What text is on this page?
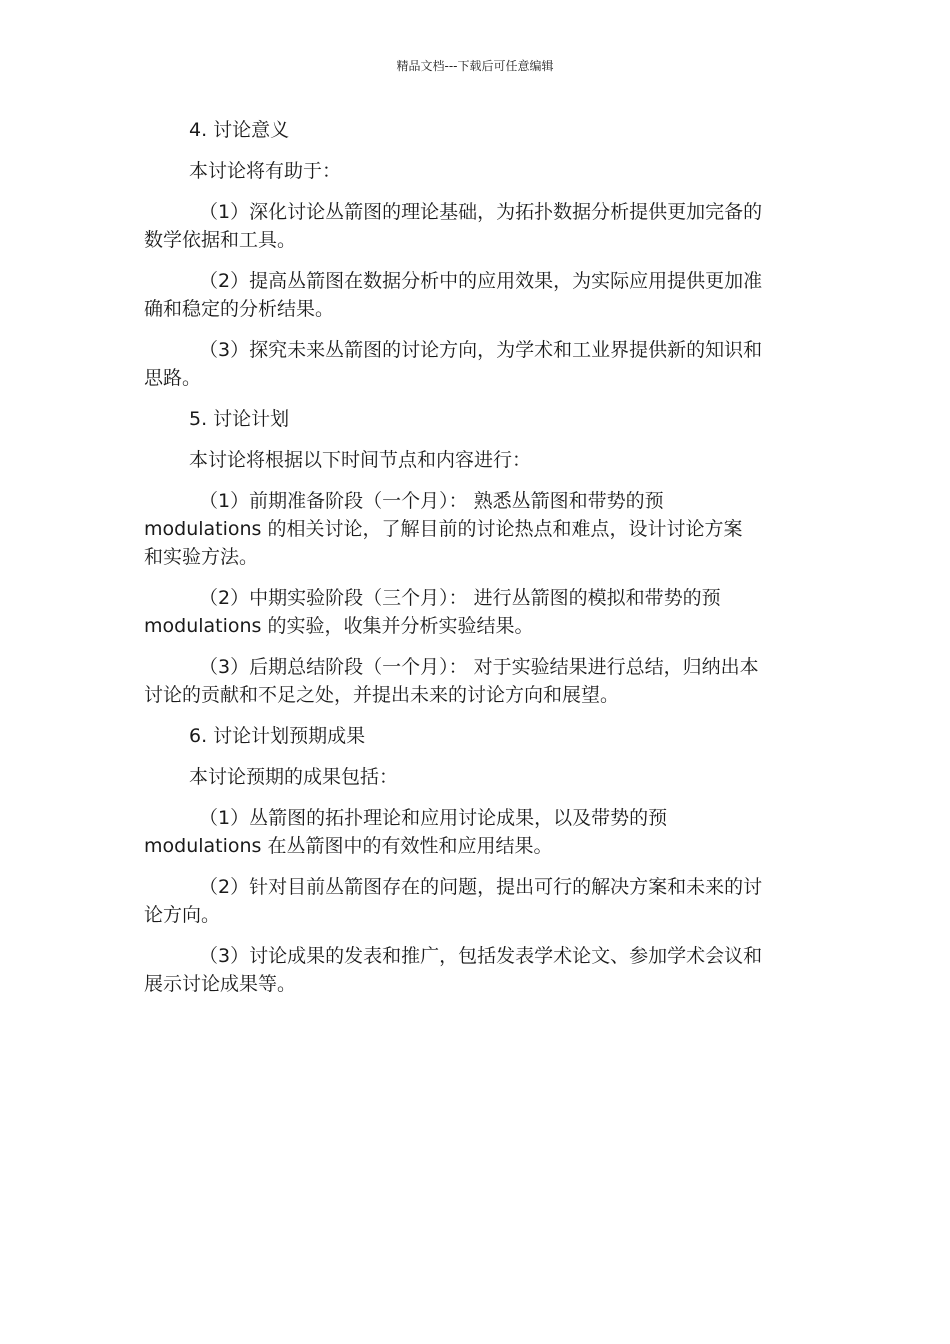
精品文档---下载后可任意编辑

4. 讨论意义

本讨论将有助于：

（1）深化讨论丛箭图的理论基础，为拓扑数据分析提供更加完备的
数学依据和工具。

（2）提高丛箭图在数据分析中的应用效果，为实际应用提供更加准
确和稳定的分析结果。

（3）探究未来丛箭图的讨论方向，为学术和工业界提供新的知识和
思路。

5. 讨论计划

本讨论将根据以下时间节点和内容进行：

（1）前期准备阶段（一个月）： 熟悉丛箭图和带势的预
modulations 的相关讨论，了解目前的讨论热点和难点，设计讨论方案
和实验方法。

（2）中期实验阶段（三个月）： 进行丛箭图的模拟和带势的预
modulations 的实验，收集并分析实验结果。

（3）后期总结阶段（一个月）： 对于实验结果进行总结，归纳出本
讨论的贡献和不足之处，并提出未来的讨论方向和展望。

6. 讨论计划预期成果

本讨论预期的成果包括：

（1）丛箭图的拓扑理论和应用讨论成果，以及带势的预
modulations 在丛箭图中的有效性和应用结果。

（2）针对目前丛箭图存在的问题，提出可行的解决方案和未来的讨
论方向。

（3）讨论成果的发表和推广，包括发表学术论文、参加学术会议和
展示讨论成果等。
